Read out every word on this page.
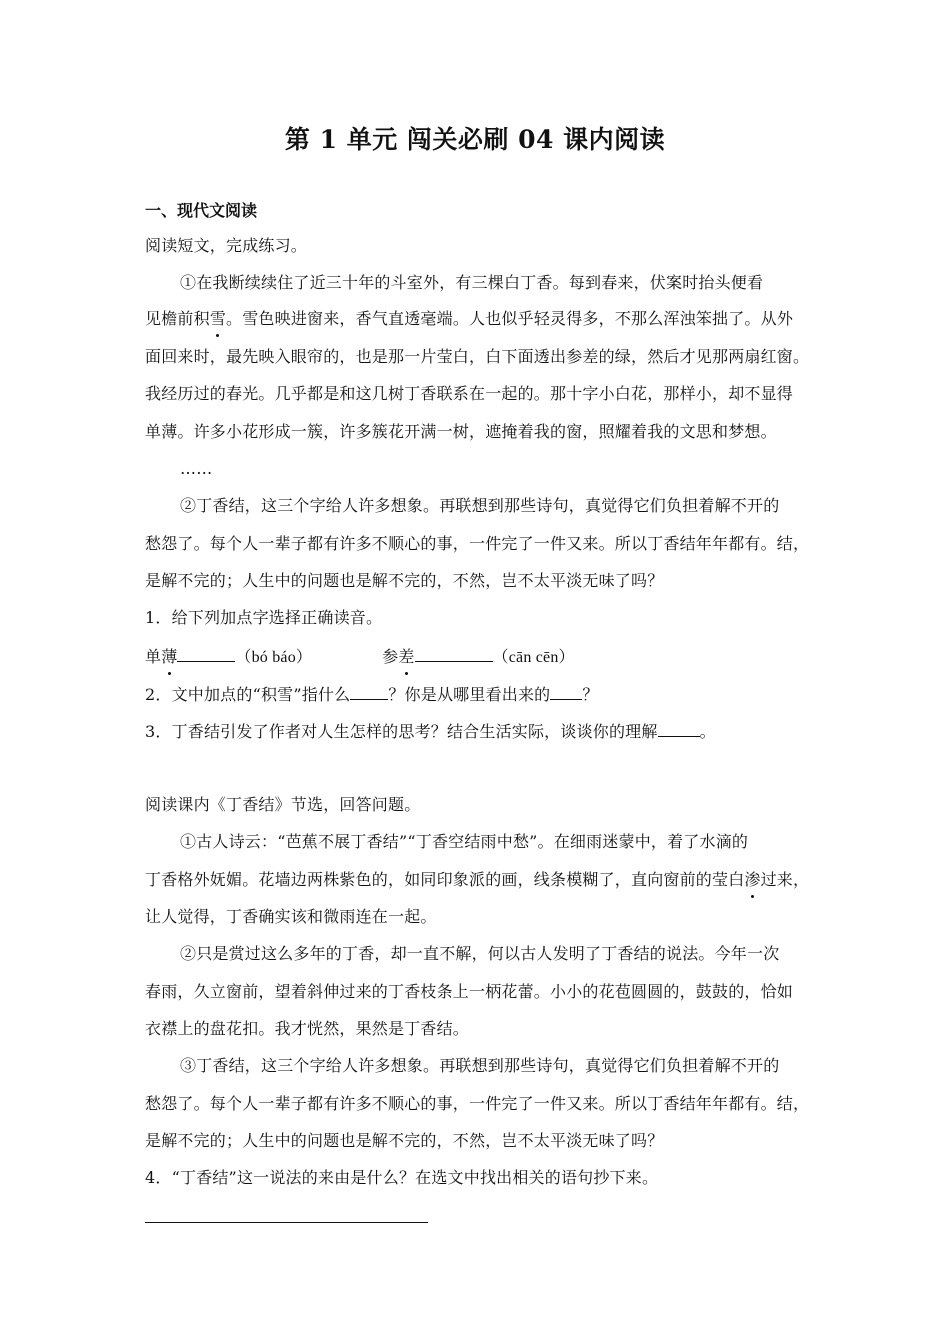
第 1 单元 闯关必刷 04 课内阅读
一、现代文阅读
阅读短文，完成练习。
①在我断续续住了近三十年的斗室外，有三棵白丁香。每到春来，伏案时抬头便看
见檐前积雪。雪色映进窗来，香气直透毫端。人也似乎轻灵得多，不那么浑浊笨拙了。从外
面回来时，最先映入眼帘的，也是那一片莹白，白下面透出参差的绿，然后才见那两扇红窗。
我经历过的春光。几乎都是和这几树丁香联系在一起的。那十字小白花，那样小，却不显得
单薄。许多小花形成一簇，许多簇花开满一树，遮掩着我的窗，照耀着我的文思和梦想。
……
②丁香结，这三个字给人许多想象。再联想到那些诗句，真觉得它们负担着解不开的
愁怨了。每个人一辈子都有许多不顺心的事，一件完了一件又来。所以丁香结年年都有。结，
是解不完的；人生中的问题也是解不完的，不然，岂不太平淡无味了吗？
1．给下列加点字选择正确读音。
单薄	（bó báo）	参差	（cān cēn）
2．文中加点的“积雪”指什么 ？你是从哪里看出来的 ？
3．丁香结引发了作者对人生怎样的思考？结合生活实际，谈谈你的理解	。
阅读课内《丁香结》节选，回答问题。
①古人诗云：“芭蕉不展丁香结”“丁香空结雨中愁”。在细雨迷蒙中，着了水滴的
丁香格外妩媚。花墙边两株紫色的，如同印象派的画，线条模糊了，直向窗前的莹白渗过来，
让人觉得，丁香确实该和微雨连在一起。
②只是赏过这么多年的丁香，却一直不解，何以古人发明了丁香结的说法。今年一次
春雨，久立窗前，望着斜伸过来的丁香枝条上一柄花蕾。小小的花苞圆圆的，鼓鼓的，恰如
衣襟上的盘花扣。我才恍然，果然是丁香结。
③丁香结，这三个字给人许多想象。再联想到那些诗句，真觉得它们负担着解不开的
愁怨了。每个人一辈子都有许多不顺心的事，一件完了一件又来。所以丁香结年年都有。结，
是解不完的；人生中的问题也是解不完的，不然，岂不太平淡无味了吗？
4．“丁香结”这一说法的来由是什么？在选文中找出相关的语句抄下来。
